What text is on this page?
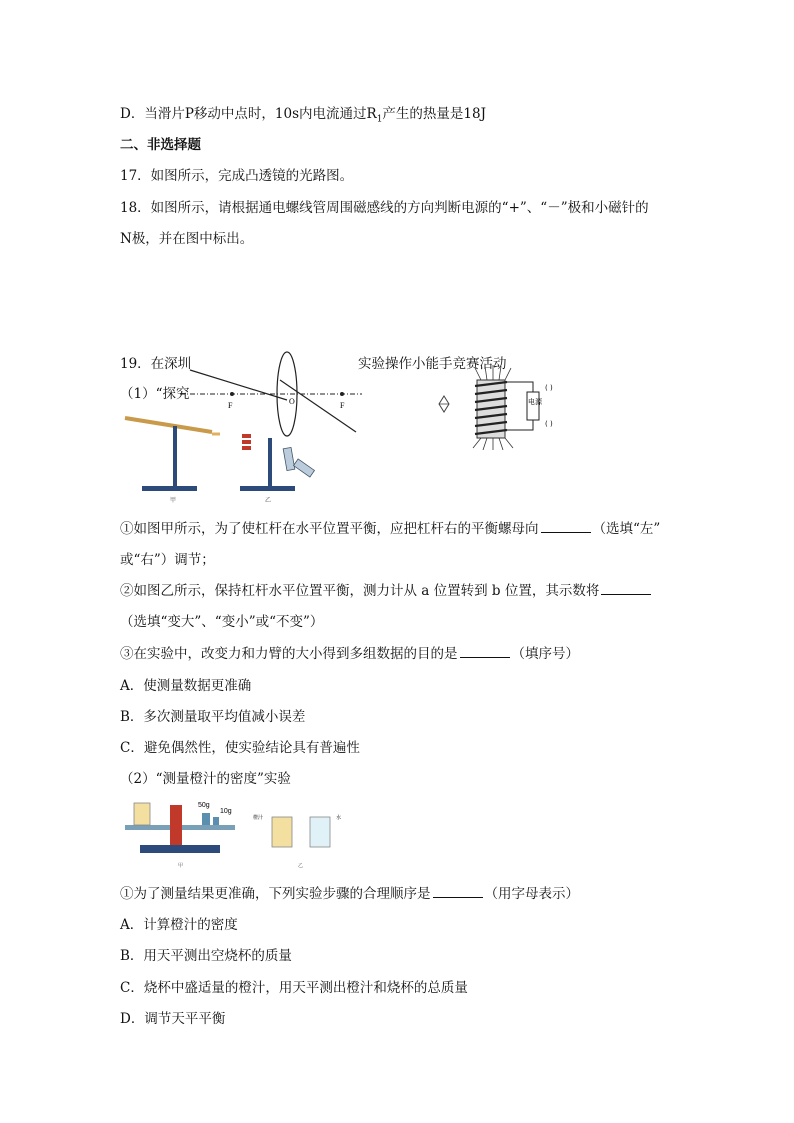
D．当滑片P移动中点时，10s内电流通过$R_1$产生的热量是18J
二、非选择题
17．如图所示，完成凸透镜的光路图。
18．如图所示，请根据通电螺线管周围磁感线的方向判断电源的“+”、“－”极和小磁针的
N极，并在图中标出。
19．在深圳	实验操作小能手竞赛活动
（1）“探究
F	F
O	电源
( )
( )
甲	乙
①如图甲所示，为了使杠杆在水平位置平衡，应把杠杆右的平衡螺母向	（选填“左”
或“右”）调节；
②如图乙所示，保持杠杆水平位置平衡，测力计从 a 位置转到 b 位置，其示数将
（选填“变大”、“变小”或“不变”）
③在实验中，改变力和力臂的大小得到多组数据的目的是	（填序号）
A．使测量数据更准确
B．多次测量取平均值减小误差
C．避免偶然性，使实验结论具有普遍性
（2）“测量橙汁的密度”实验
50g
10g
甲
橙汁	水
乙
①为了测量结果更准确，下列实验步骤的合理顺序是	（用字母表示）
A．计算橙汁的密度
B．用天平测出空烧杯的质量
C．烧杯中盛适量的橙汁，用天平测出橙汁和烧杯的总质量
D．调节天平平衡
